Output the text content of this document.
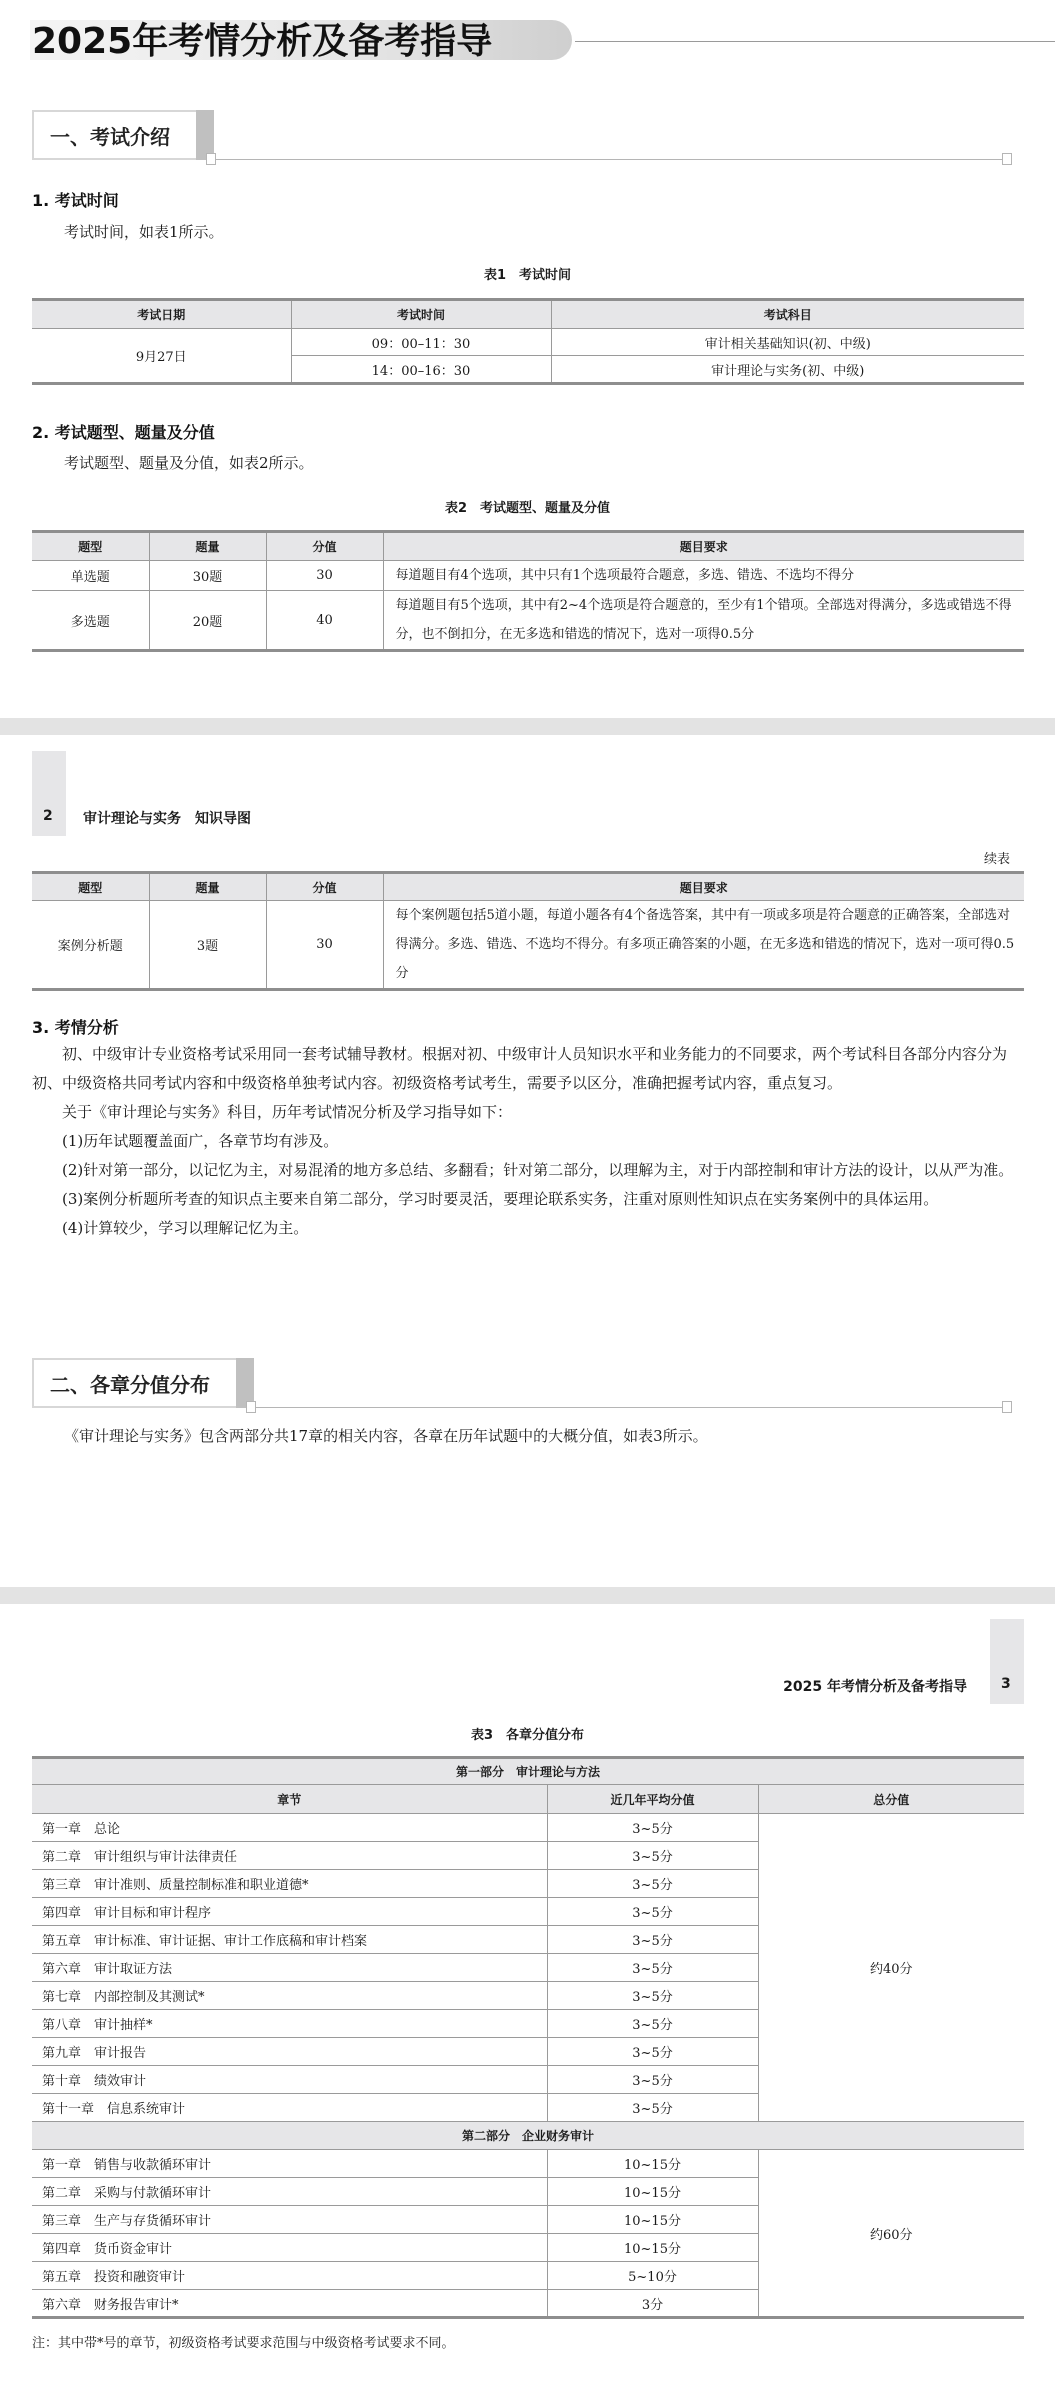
2025年考情分析及备考指导
一、考试介绍
1. 考试时间
考试时间，如表1所示。
表1　考试时间
考试日期	考试时间	考试科目
9月27日	09：00–11：30	审计相关基础知识(初、中级)
	14：00–16：30	审计理论与实务(初、中级)
2. 考试题型、题量及分值
考试题型、题量及分值，如表2所示。
表2　考试题型、题量及分值
题型	题量	分值	题目要求
单选题	30题	30	每道题目有4个选项，其中只有1个选项最符合题意，多选、错选、不选均不得分
多选题	20题	40	每道题目有5个选项，其中有2~4个选项是符合题意的，至少有1个错项。全部选对得满分，多选或错选不得分，也不倒扣分，在无多选和错选的情况下，选对一项得0.5分
2 审计理论与实务　知识导图
续表
题型	题量	分值	题目要求
案例分析题	3题	30	每个案例题包括5道小题，每道小题各有4个备选答案，其中有一项或多项是符合题意的正确答案，全部选对得满分。多选、错选、不选均不得分。有多项正确答案的小题，在无多选和错选的情况下，选对一项可得0.5分
3. 考情分析

初、中级审计专业资格考试采用同一套考试辅导教材。根据对初、中级审计人员知识水平和业务能力的不同要求，两个考试科目各部分内容分为初、中级资格共同考试内容和中级资格单独考试内容。初级资格考试考生，需要予以区分，准确把握考试内容，重点复习。

关于《审计理论与实务》科目，历年考试情况分析及学习指导如下：

(1)历年试题覆盖面广，各章节均有涉及。

(2)针对第一部分，以记忆为主，对易混淆的地方多总结、多翻看；针对第二部分，以理解为主，对于内部控制和审计方法的设计，以从严为准。

(3)案例分析题所考查的知识点主要来自第二部分，学习时要灵活，要理论联系实务，注重对原则性知识点在实务案例中的具体运用。

(4)计算较少，学习以理解记忆为主。

二、各章分值分布
《审计理论与实务》包含两部分共17章的相关内容，各章在历年试题中的大概分值，如表3所示。
2025 年考情分析及备考指导 3
表3　各章分值分布
第一部分　审计理论与方法		
章节	近几年平均分值	总分值
第一章　总论	3~5分	约40分
第二章　审计组织与审计法律责任	3~5分	
第三章　审计准则、质量控制标准和职业道德*	3~5分	
第四章　审计目标和审计程序	3~5分	
第五章　审计标准、审计证据、审计工作底稿和审计档案	3~5分	
第六章　审计取证方法	3~5分	
第七章　内部控制及其测试*	3~5分	
第八章　审计抽样*	3~5分	
第九章　审计报告	3~5分	
第十章　绩效审计	3~5分	
第十一章　信息系统审计	3~5分	
第二部分　企业财务审计		
第一章　销售与收款循环审计	10~15分	约60分
第二章　采购与付款循环审计	10~15分	
第三章　生产与存货循环审计	10~15分	
第四章　货币资金审计	10~15分	
第五章　投资和融资审计	5~10分	
第六章　财务报告审计*	3分	
注：其中带*号的章节，初级资格考试要求范围与中级资格考试要求不同。
